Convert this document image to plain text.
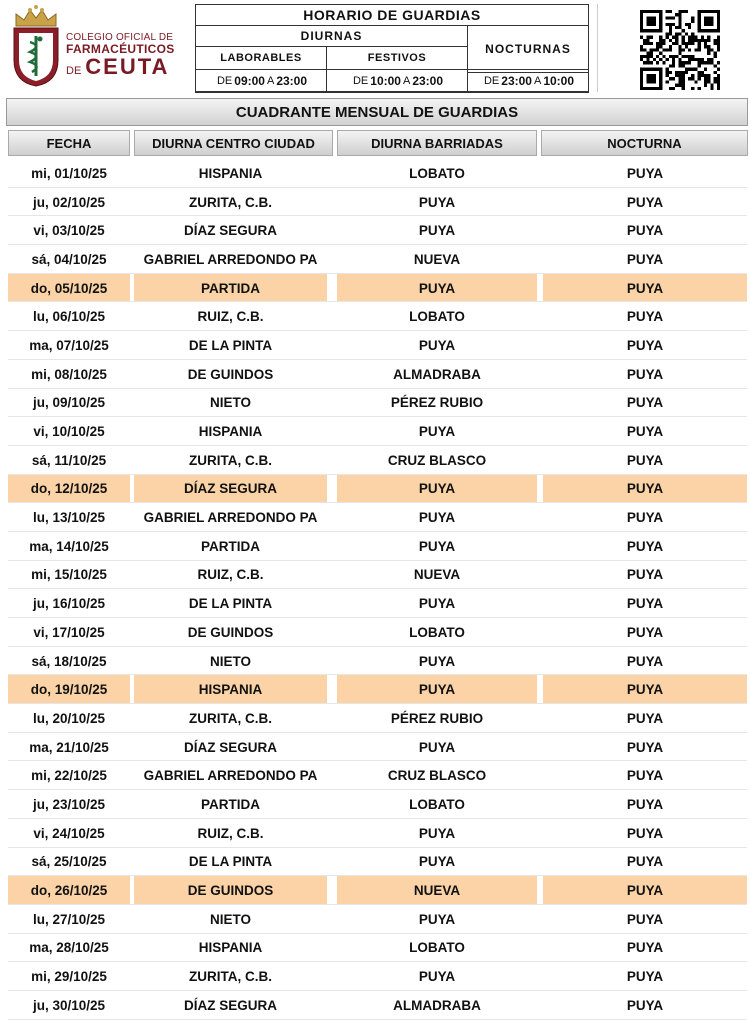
COLEGIO OFICIAL DE
FARMACÉUTICOS
DE CEUTA
HORARIO DE GUARDIAS
DIURNAS
NOCTURNAS
LABORABLES	FESTIVOS
DE 09:00 A 23:00	DE 10:00 A 23:00	DE 23:00 A 10:00
CUADRANTE MENSUAL DE GUARDIAS
FECHA	DIURNA CENTRO CIUDAD	DIURNA BARRIADAS	NOCTURNA
mi, 01/10/25	HISPANIA	LOBATO	PUYA
ju, 02/10/25	ZURITA, C.B.	PUYA	PUYA
vi, 03/10/25	DÍAZ SEGURA	PUYA	PUYA
sá, 04/10/25	GABRIEL ARREDONDO PA	NUEVA	PUYA
do, 05/10/25	PARTIDA	PUYA	PUYA
lu, 06/10/25	RUIZ, C.B.	LOBATO	PUYA
ma, 07/10/25	DE LA PINTA	PUYA	PUYA
mi, 08/10/25	DE GUINDOS	ALMADRABA	PUYA
ju, 09/10/25	NIETO	PÉREZ RUBIO	PUYA
vi, 10/10/25	HISPANIA	PUYA	PUYA
sá, 11/10/25	ZURITA, C.B.	CRUZ BLASCO	PUYA
do, 12/10/25	DÍAZ SEGURA	PUYA	PUYA
lu, 13/10/25	GABRIEL ARREDONDO PA	PUYA	PUYA
ma, 14/10/25	PARTIDA	PUYA	PUYA
mi, 15/10/25	RUIZ, C.B.	NUEVA	PUYA
ju, 16/10/25	DE LA PINTA	PUYA	PUYA
vi, 17/10/25	DE GUINDOS	LOBATO	PUYA
sá, 18/10/25	NIETO	PUYA	PUYA
do, 19/10/25	HISPANIA	PUYA	PUYA
lu, 20/10/25	ZURITA, C.B.	PÉREZ RUBIO	PUYA
ma, 21/10/25	DÍAZ SEGURA	PUYA	PUYA
mi, 22/10/25	GABRIEL ARREDONDO PA	CRUZ BLASCO	PUYA
ju, 23/10/25	PARTIDA	LOBATO	PUYA
vi, 24/10/25	RUIZ, C.B.	PUYA	PUYA
sá, 25/10/25	DE LA PINTA	PUYA	PUYA
do, 26/10/25	DE GUINDOS	NUEVA	PUYA
lu, 27/10/25	NIETO	PUYA	PUYA
ma, 28/10/25	HISPANIA	LOBATO	PUYA
mi, 29/10/25	ZURITA, C.B.	PUYA	PUYA
ju, 30/10/25	DÍAZ SEGURA	ALMADRABA	PUYA
